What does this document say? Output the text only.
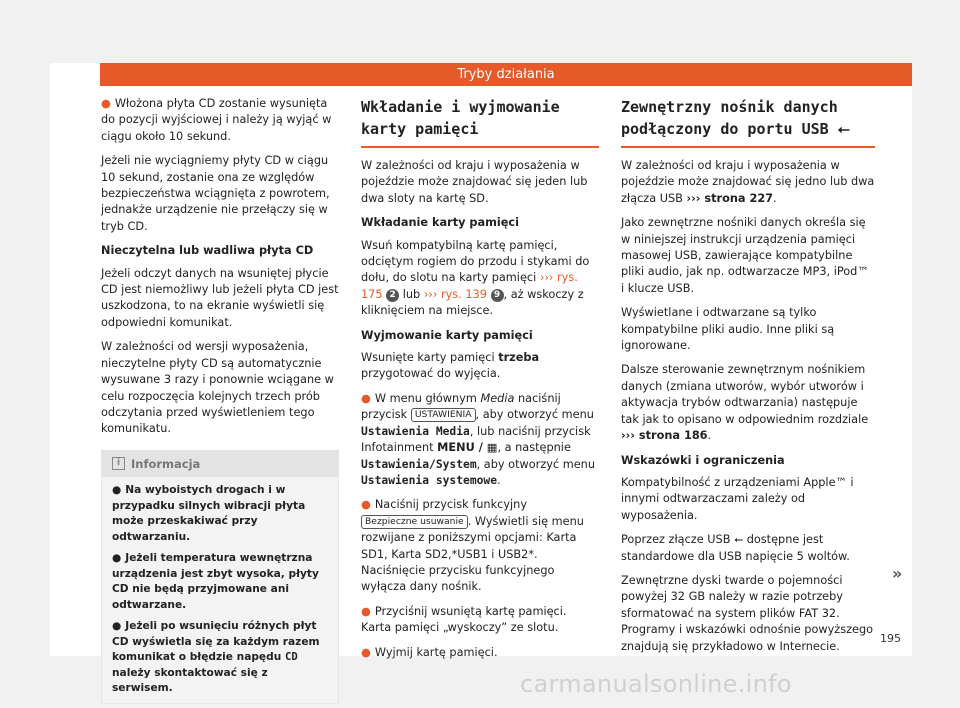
Tryby działania

● Włożona płyta CD zostanie wysunięta do pozycji wyjściowej i należy ją wyjąć w ciągu około 10 sekund.

Jeżeli nie wyciągniemy płyty CD w ciągu 10 sekund, zostanie ona ze względów bezpieczeństwa wciągnięta z powrotem, jednakże urządzenie nie przełączy się w tryb CD.

Nieczytelna lub wadliwa płyta CD

Jeżeli odczyt danych na wsuniętej płycie CD jest niemożliwy lub jeżeli płyta CD jest uszkodzona, to na ekranie wyświetli się odpowiedni komunikat.

W zależności od wersji wyposażenia, nieczytelne płyty CD są automatycznie wysuwane 3 razy i ponownie wciągane w celu rozpoczęcia kolejnych trzech prób odczytania przed wyświetleniem tego komunikatu.

i Informacja
● Na wyboistych drogach i w przypadku silnych wibracji płyta może przeskakiwać przy odtwarzaniu.
● Jeżeli temperatura wewnętrzna urządzenia jest zbyt wysoka, płyty CD nie będą przyjmowane ani odtwarzane.
● Jeżeli po wsunięciu różnych płyt CD wyświetla się za każdym razem komunikat o błędzie napędu CD należy skontaktować się z serwisem.
Wkładanie i wyjmowanie karty pamięci

W zależności od kraju i wyposażenia w pojeździe może znajdować się jeden lub dwa sloty na kartę SD.

Wkładanie karty pamięci

Wsuń kompatybilną kartę pamięci, odciętym rogiem do przodu i stykami do dołu, do slotu na karty pamięci ››› rys. 175 2 lub ››› rys. 139 9 , aż wskoczy z kliknięciem na miejsce.

Wyjmowanie karty pamięci

Wsunięte karty pamięci trzeba przygotować do wyjęcia.

● W menu głównym Media naciśnij przycisk USTAWIENIA , aby otworzyć menu Ustawienia Media, lub naciśnij przycisk Infotainment MENU / ▦, a następnie Ustawienia/System, aby otworzyć menu Ustawienia systemowe.

● Naciśnij przycisk funkcyjny Bezpieczne usuwanie . Wyświetli się menu rozwijane z poniższymi opcjami: Karta SD1, Karta SD2,*USB1 i USB2*. Naciśnięcie przycisku funkcyjnego wyłącza dany nośnik.

● Przyciśnij wsuniętą kartę pamięci. Karta pamięci „wyskoczy” ze slotu.

● Wyjmij kartę pamięci.

Zewnętrzny nośnik danych podłączony do portu USB ⭠

W zależności od kraju i wyposażenia w pojeździe może znajdować się jedno lub dwa złącza USB ››› strona 227.

Jako zewnętrzne nośniki danych określa się w niniejszej instrukcji urządzenia pamięci masowej USB, zawierające kompatybilne pliki audio, jak np. odtwarzacze MP3, iPod™ i klucze USB.

Wyświetlane i odtwarzane są tylko kompatybilne pliki audio. Inne pliki są ignorowane.

Dalsze sterowanie zewnętrznym nośnikiem danych (zmiana utworów, wybór utworów i aktywacja trybów odtwarzania) następuje tak jak to opisano w odpowiednim rozdziale ››› strona 186.

Wskazówki i ograniczenia

Kompatybilność z urządzeniami Apple™ i innymi odtwarzaczami zależy od wyposażenia.

Poprzez złącze USB ⭠ dostępne jest standardowe dla USB napięcie 5 woltów.

Zewnętrzne dyski twarde o pojemności powyżej 32 GB należy w razie potrzeby sformatować na system plików FAT 32. Programy i wskazówki odnośnie powyższego znajdują się przykładowo w Internecie.

»
195
carmanualsonline.info
